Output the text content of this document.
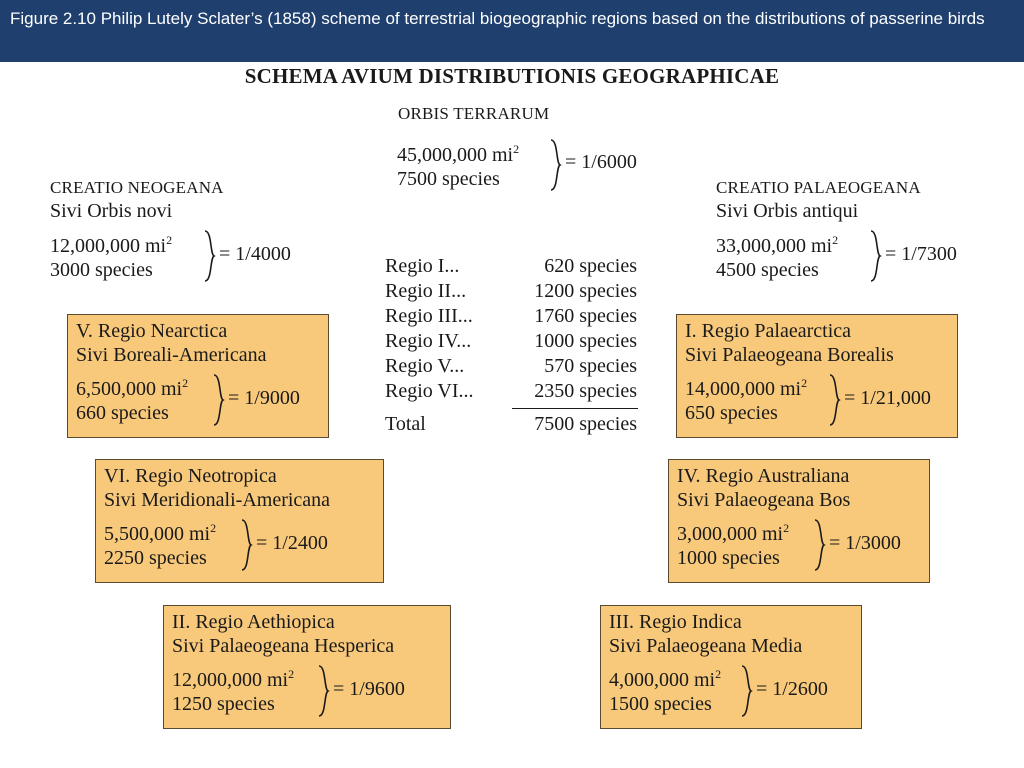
Figure 2.10 Philip Lutely Sclater’s (1858) scheme of terrestrial biogeographic regions based on the distributions of passerine birds
SCHEMA AVIUM DISTRIBUTIONIS GEOGRAPHICAE
ORBIS TERRARUM
45,000,000 $mi^2$
7500 species
= 1/6000
CREATIO NEOGEANA
Sivi Orbis novi
12,000,000 $mi^2$
3000 species
= 1/4000
CREATIO PALAEOGEANA
Sivi Orbis antiqui
33,000,000 $mi^2$
4500 species
= 1/7300
Regio I...	620 species
Regio II...	1200 species
Regio III...	1760 species
Regio IV...	1000 species
Regio V...	570 species
Regio VI...	2350 species
Total	7500 species
V. Regio Nearctica
Sivi Boreali-Americana
6,500,000 $mi^2$
660 species
= 1/9000
VI. Regio Neotropica
Sivi Meridionali-Americana
5,500,000 $mi^2$
2250 species
= 1/2400
II. Regio Aethiopica
Sivi Palaeogeana Hesperica
12,000,000 $mi^2$
1250 species
= 1/9600
I. Regio Palaearctica
Sivi Palaeogeana Borealis
14,000,000 $mi^2$
650 species
= 1/21,000
IV. Regio Australiana
Sivi Palaeogeana Bos
3,000,000 $mi^2$
1000 species
= 1/3000
III. Regio Indica
Sivi Palaeogeana Media
4,000,000 $mi^2$
1500 species
= 1/2600
